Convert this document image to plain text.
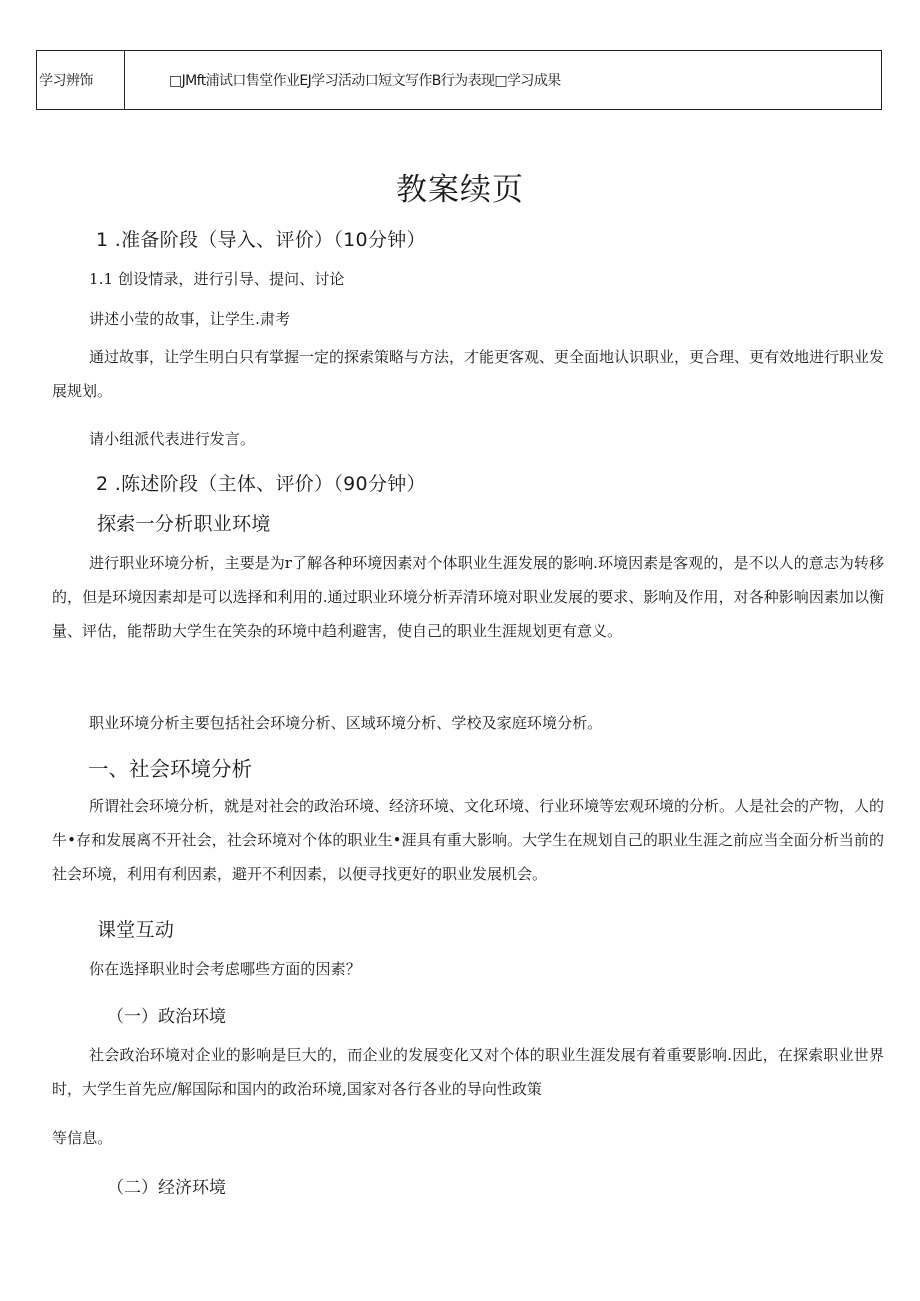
学习辨饰	□JMft浦试口售堂作业EJ学习活动口短文写作B行为表现□学习成果
教案续页
1 .准备阶段（导入、评价）（10分钟）
1.1 创设情录，进行引导、提问、讨论
讲述小莹的故事，让学生.肃考

通过故事，让学生明白只有掌握一定的探索策略与方法，才能更客观、更全面地认识职业，更合理、更有效地进行职业发展规划。

请小组派代表进行发言。
2 .陈述阶段（主体、评价）（90分钟）
探索一分析职业环境

进行职业环境分析，主要是为r了解各种环境因素对个体职业生涯发展的影响.环境因素是客观的，是不以人的意志为转移的，但是环境因素却是可以选择和利用的.通过职业环境分析弄清环境对职业发展的要求、影响及作用，对各种影响因素加以衡量、评估，能帮助大学生在笑杂的环境中趋利避害，使自己的职业生涯规划更有意义。

职业环境分析主要包括社会环境分析、区域环境分析、学校及家庭环境分析。
一、社会环境分析

所谓社会环境分析，就是对社会的政治环境、经济环境、文化环境、行业环境等宏观环境的分析。人是社会的产物，人的牛•存和发展离不开社会，社会环境对个体的职业生•涯具有重大影响。大学生在规划自己的职业生涯之前应当全面分析当前的社会环境，利用有利因素，避开不利因素，以便寻找更好的职业发展机会。

课堂互动
你在选择职业时会考虑哪些方面的因素？
（一）政治环境

社会政治环境对企业的影响是巨大的，而企业的发展变化又对个体的职业生涯发展有着重要影响.因此，在探索职业世界时，大学生首先应/解国际和国内的政治环境,国家对各行各业的导向性政策

等信息。
（二）经济环境
